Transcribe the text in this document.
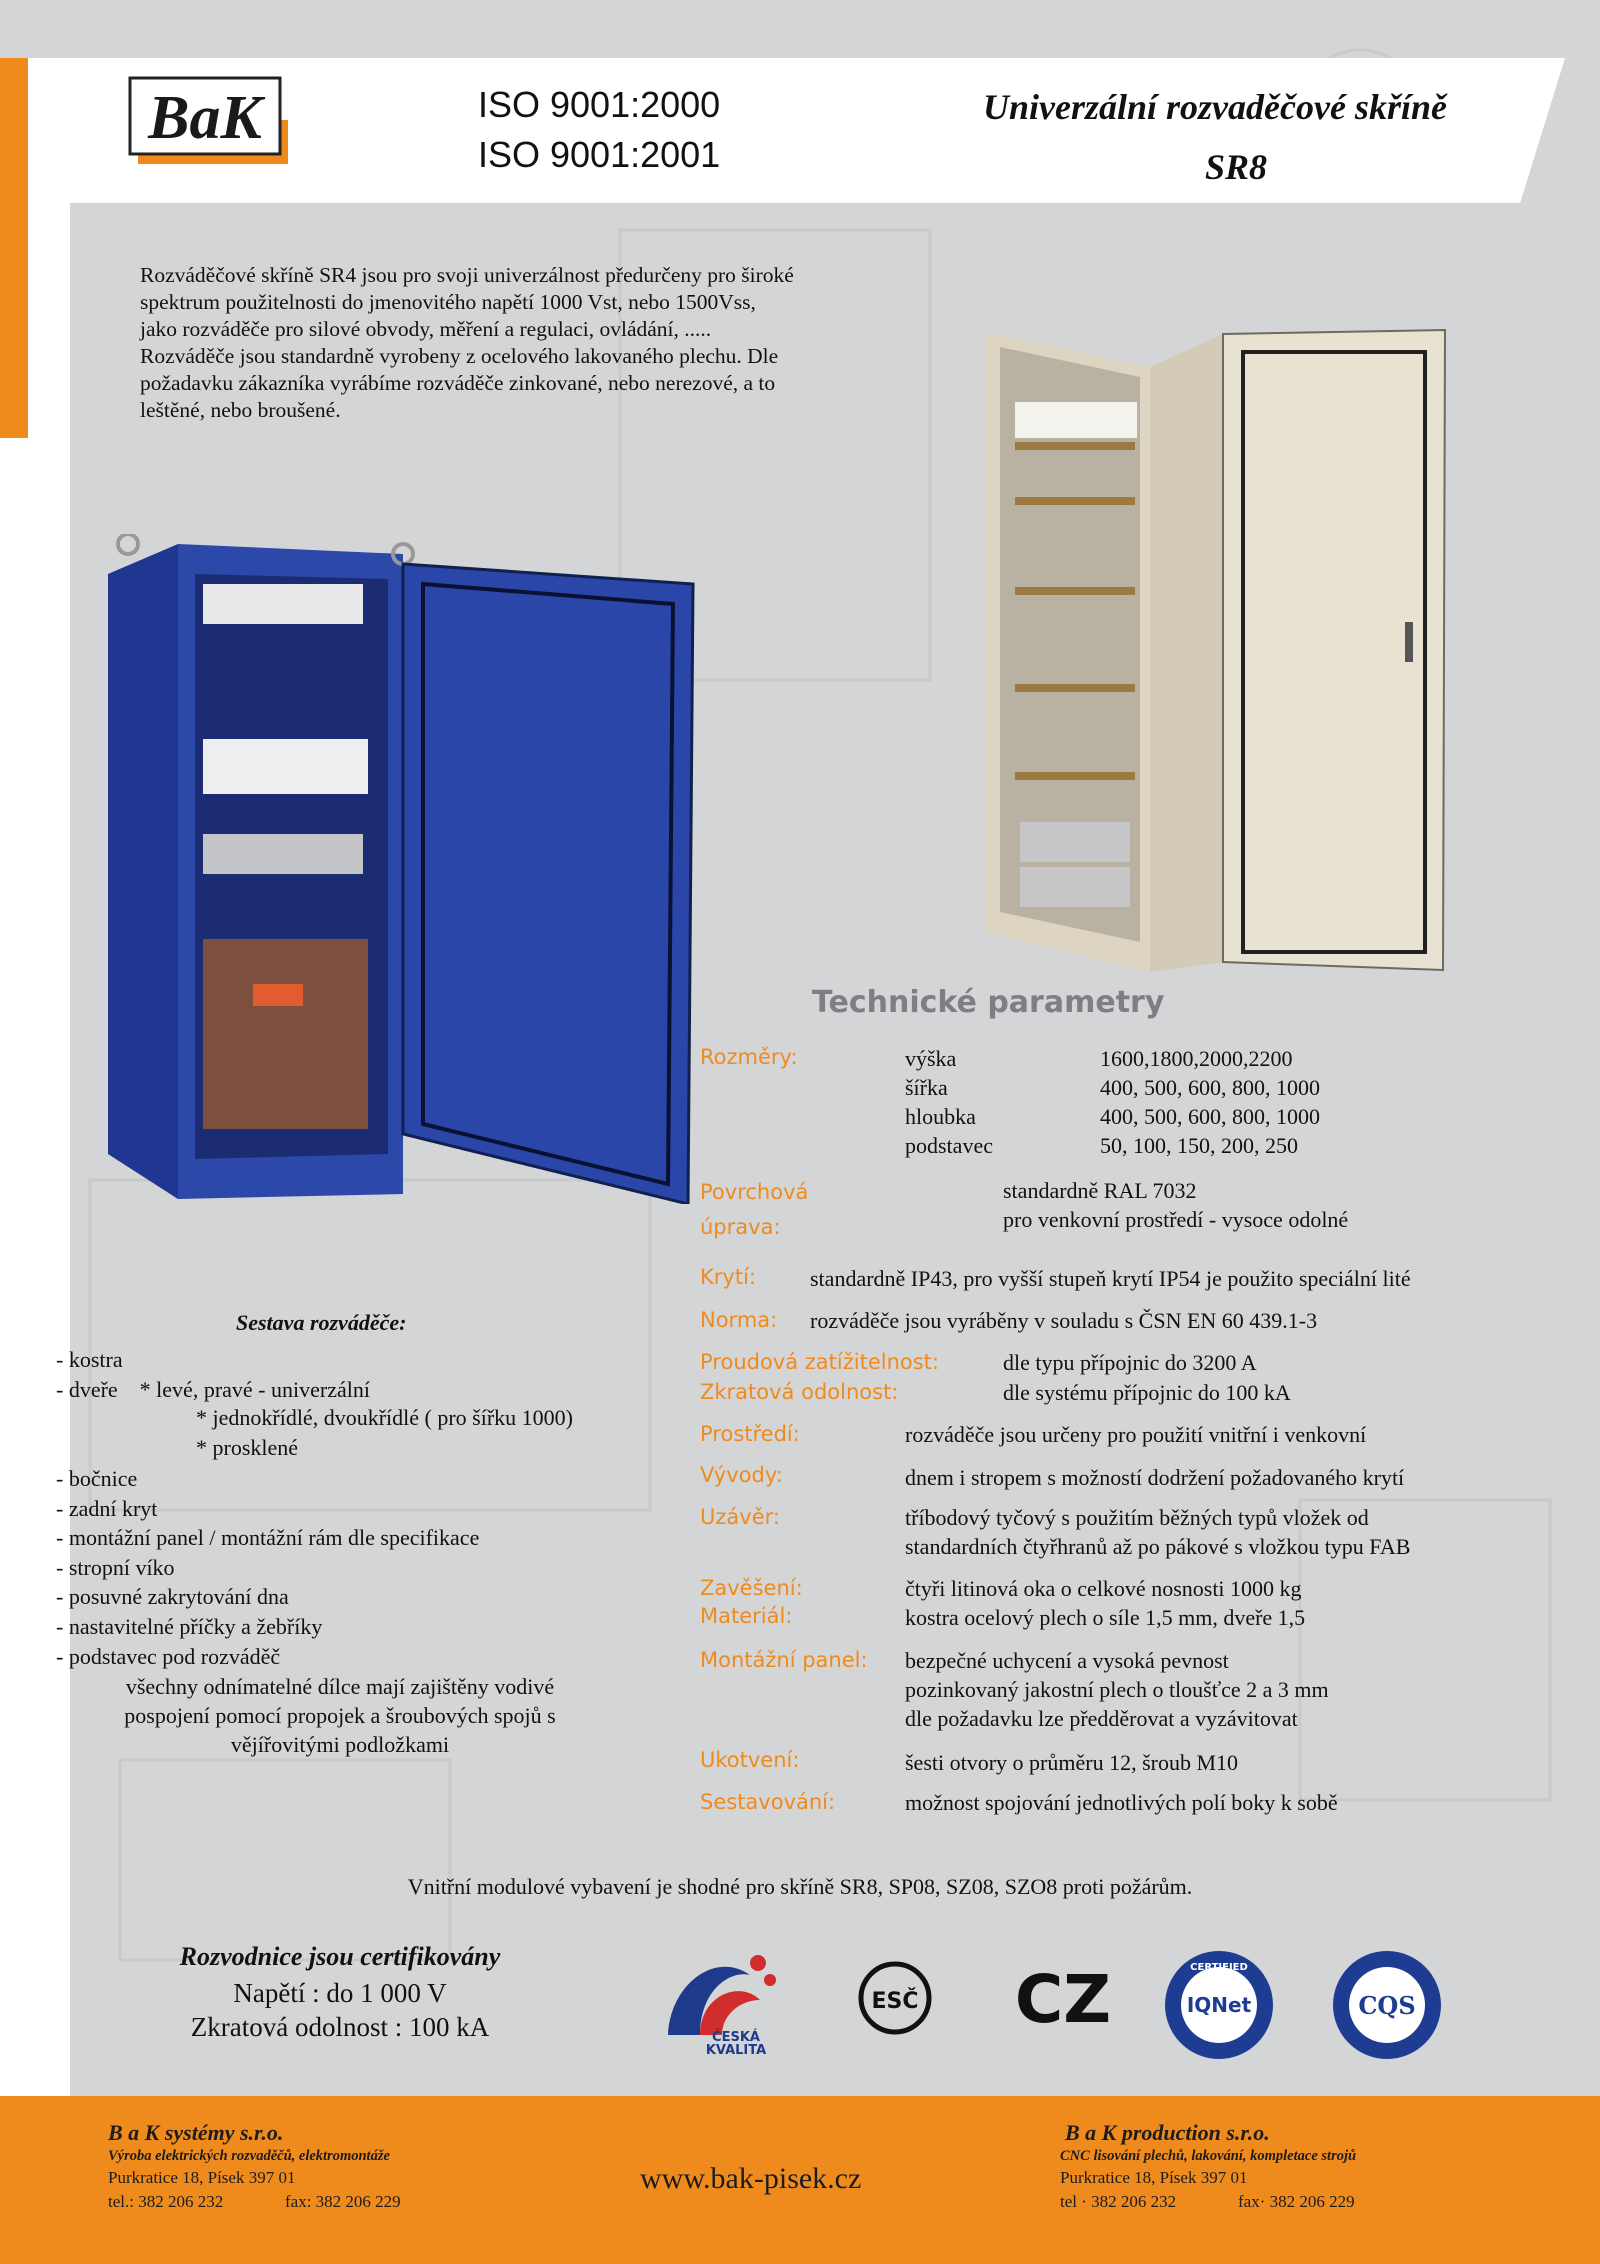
BaK	ISO 9001:2000
ISO 9001:2001
Univerzální rozvaděčové skříně
SR8

Rozváděčové skříně SR4 jsou pro svoji univerzálnost předurčeny pro široké

spektrum použitelnosti do jmenovitého napětí 1000 Vst, nebo 1500Vss,

jako rozváděče pro silové obvody, měření a regulaci, ovládání, .....

Rozváděče jsou standardně vyrobeny z ocelového lakovaného plechu. Dle

požadavku zákazníka vyrábíme rozváděče zinkované, nebo nerezové, a to

leštěné, nebo broušené.

Technické parametry
Rozměry:	výška	1600,1800,2000,2200
šířka	400, 500, 600, 800, 1000
hloubka	400, 500, 600, 800, 1000
podstavec	50, 100, 150, 200, 250
Povrchová
úprava:
standardně RAL 7032
pro venkovní prostředí - vysoce odolné
Krytí: standardně IP43, pro vyšší stupeň krytí IP54 je použito speciální lité
Norma: rozváděče jsou vyráběny v souladu s ČSN EN 60 439.1-3
Proudová zatížitelnost:	dle typu přípojnic do 3200 A
Zkratová odolnost:	dle systému přípojnic do 100 kA
Prostředí:	rozváděče jsou určeny pro použití vnitřní i venkovní
Vývody:	dnem i stropem s možností dodržení požadovaného krytí
Uzávěr:	tříbodový tyčový s použitím běžných typů vložek od
standardních čtyřhranů až po pákové s vložkou typu FAB
Zavěšení:	čtyři litinová oka o celkové nosnosti 1000 kg
Materiál:	kostra ocelový plech o síle 1,5 mm, dveře 1,5
Montážní panel: bezpečné uchycení a vysoká pevnost
pozinkovaný jakostní plech o tloušťce 2 a 3 mm
dle požadavku lze předděrovat a vyzávitovat
Ukotvení:	šesti otvory o průměru 12, šroub M10
Sestavování:	možnost spojování jednotlivých polí boky k sobě
Sestava rozváděče:
- kostra
- dveře    * levé, pravé - univerzální
* jednokřídlé, dvoukřídlé ( pro šířku 1000)
* prosklené
- bočnice
- zadní kryt
- montážní panel / montážní rám dle specifikace
- stropní víko
- posuvné zakrytování dna
- nastavitelné příčky a žebříky
- podstavec pod rozváděč
všechny odnímatelné dílce mají zajištěny vodivé
pospojení pomocí propojek a šroubových spojů s
vějířovitými podložkami
Vnitřní modulové vybavení je shodné pro skříně SR8, SP08, SZ08, SZO8 proti požárům.
Rozvodnice jsou certifikovány
Napětí : do 1 000 V
Zkratová odolnost : 100 kA	ČESKÁ
KVALITA
ESČ CZ	CERTIFIED
IQNet	CQS
B a K systémy s.r.o.
Výroba elektrických rozvaděčů, elektromontáže
Purkratice 18, Písek 397 01
tel.: 382 206 232	fax: 382 206 229
www.bak-pisek.cz
B a K production s.r.o.
CNC lisování plechů, lakování, kompletace strojů
Purkratice 18, Písek 397 01
tel · 382 206 232	fax· 382 206 229
